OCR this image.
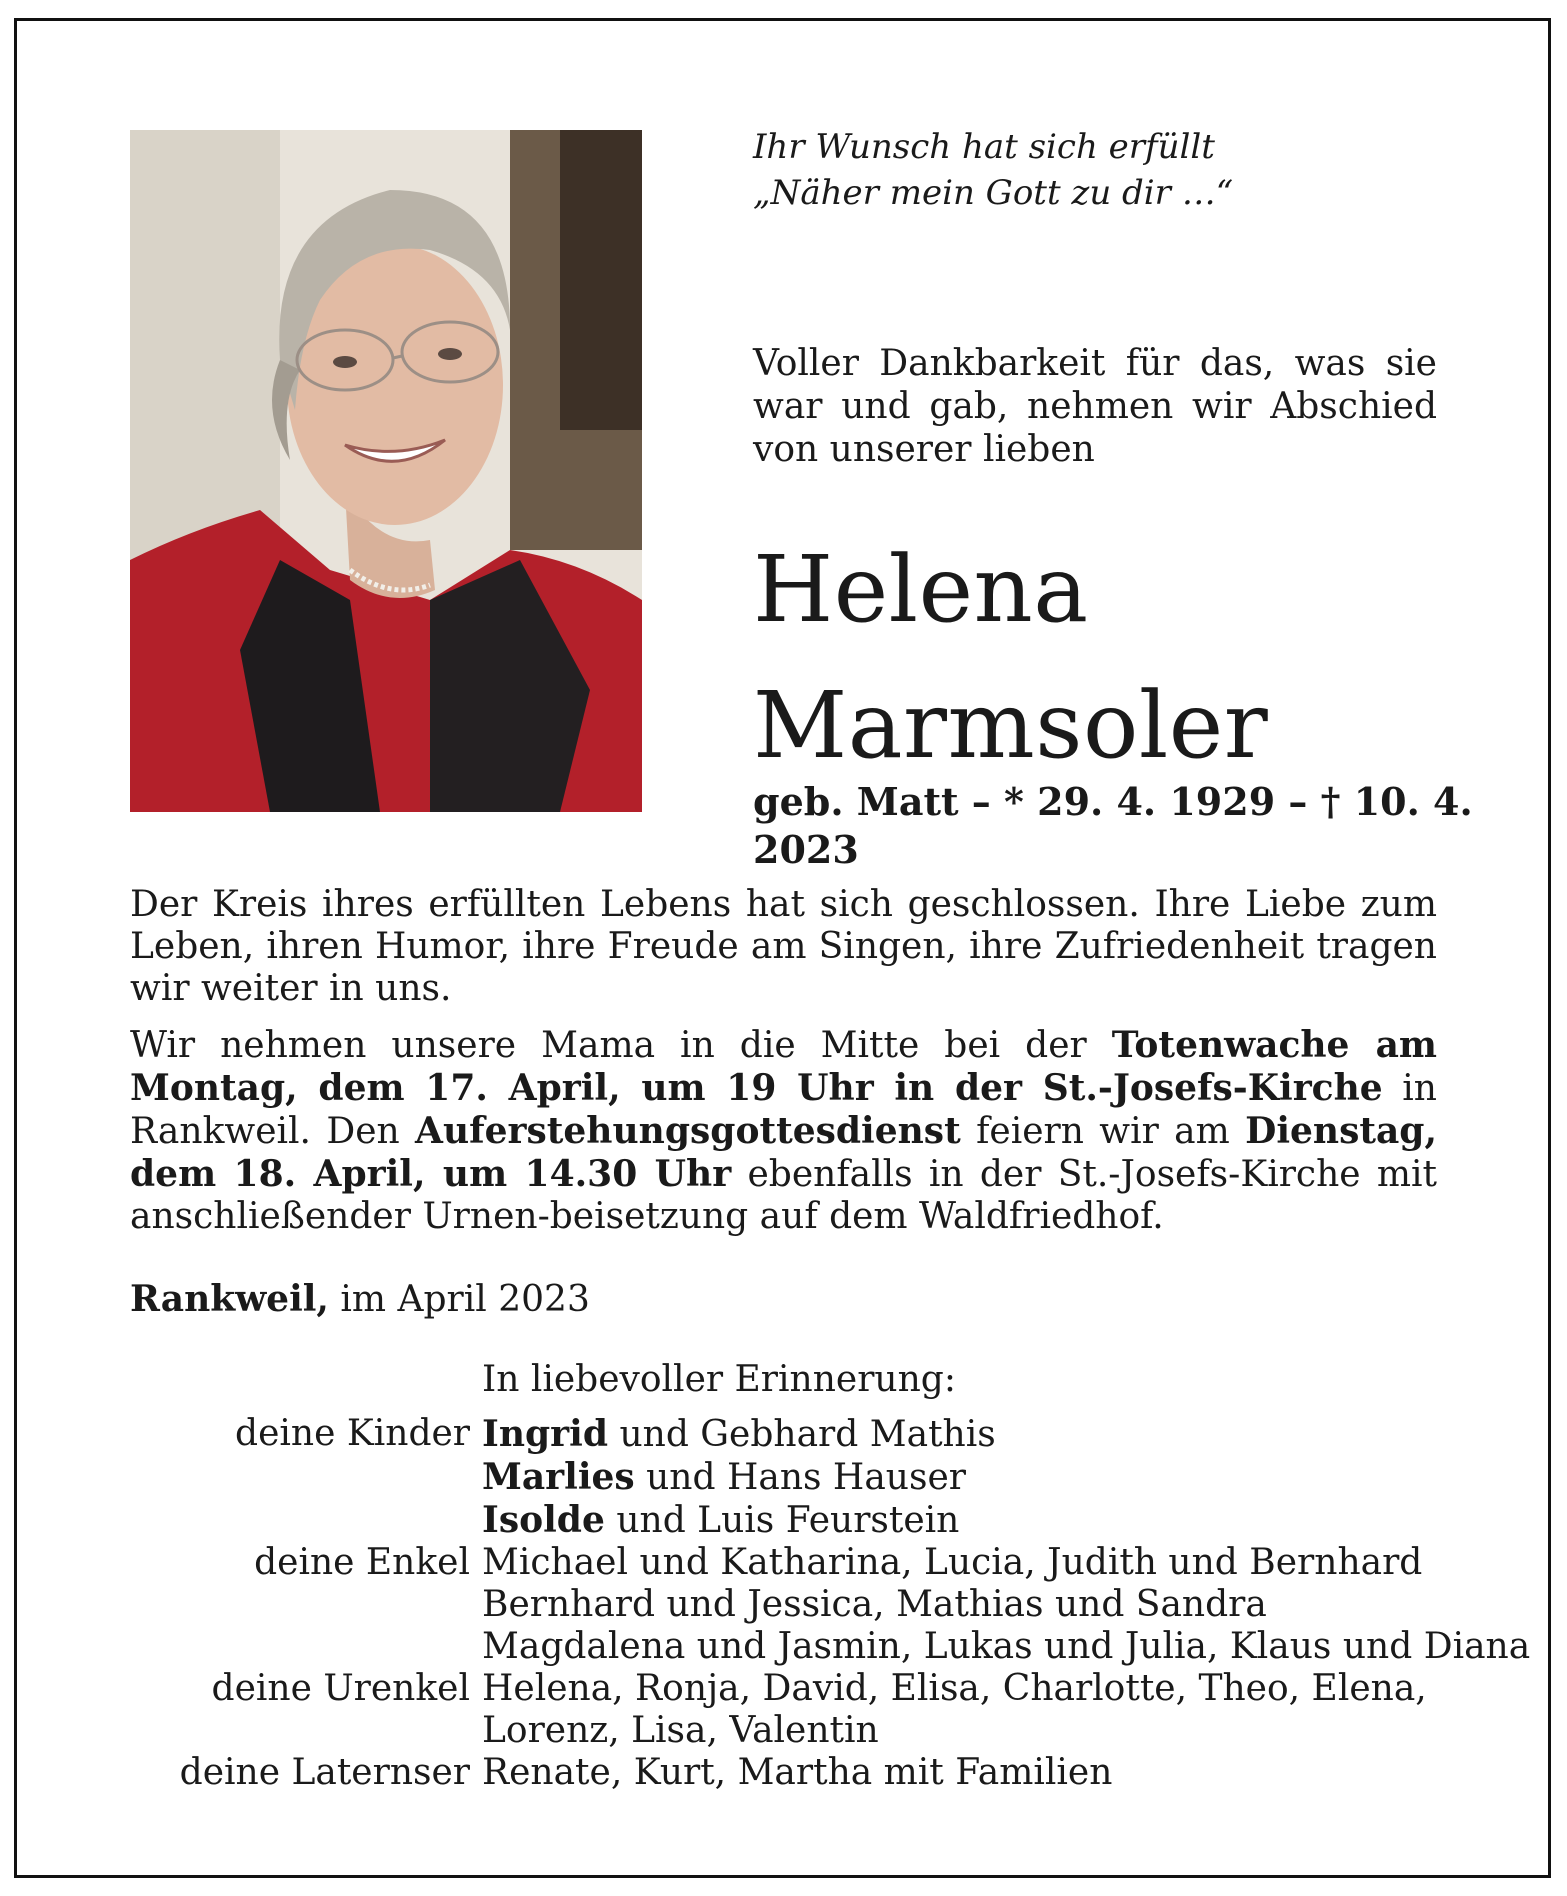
Ihr Wunsch hat sich erfüllt
„Näher mein Gott zu dir …“
Voller Dankbarkeit für das, was sie war und gab, nehmen wir Abschied von unserer lieben
Helena
Marmsoler
geb. Matt – * 29. 4. 1929 – † 10. 4. 2023

Der Kreis ihres erfüllten Lebens hat sich geschlossen. Ihre Liebe zum Leben, ihren Humor, ihre Freude am Singen, ihre Zufriedenheit tragen wir weiter in uns.

Wir nehmen unsere Mama in die Mitte bei der Totenwache am Montag, dem 17. April, um 19 Uhr in der St.-Josefs-Kirche in Rankweil. Den Auferstehungsgottesdienst feiern wir am Dienstag, dem 18. April, um 14.30 Uhr ebenfalls in der St.-Josefs-Kirche mit anschließender Urnen-beisetzung auf dem Waldfriedhof.

Rankweil, im April 2023
In liebevoller Erinnerung:
deine Kinder Ingrid und Gebhard Mathis
Marlies und Hans Hauser
Isolde und Luis Feurstein
deine Enkel Michael und Katharina, Lucia, Judith und Bernhard
Bernhard und Jessica, Mathias und Sandra
Magdalena und Jasmin, Lukas und Julia, Klaus und Diana
deine Urenkel Helena, Ronja, David, Elisa, Charlotte, Theo, Elena,
Lorenz, Lisa, Valentin
deine Laternser Renate, Kurt, Martha mit Familien
